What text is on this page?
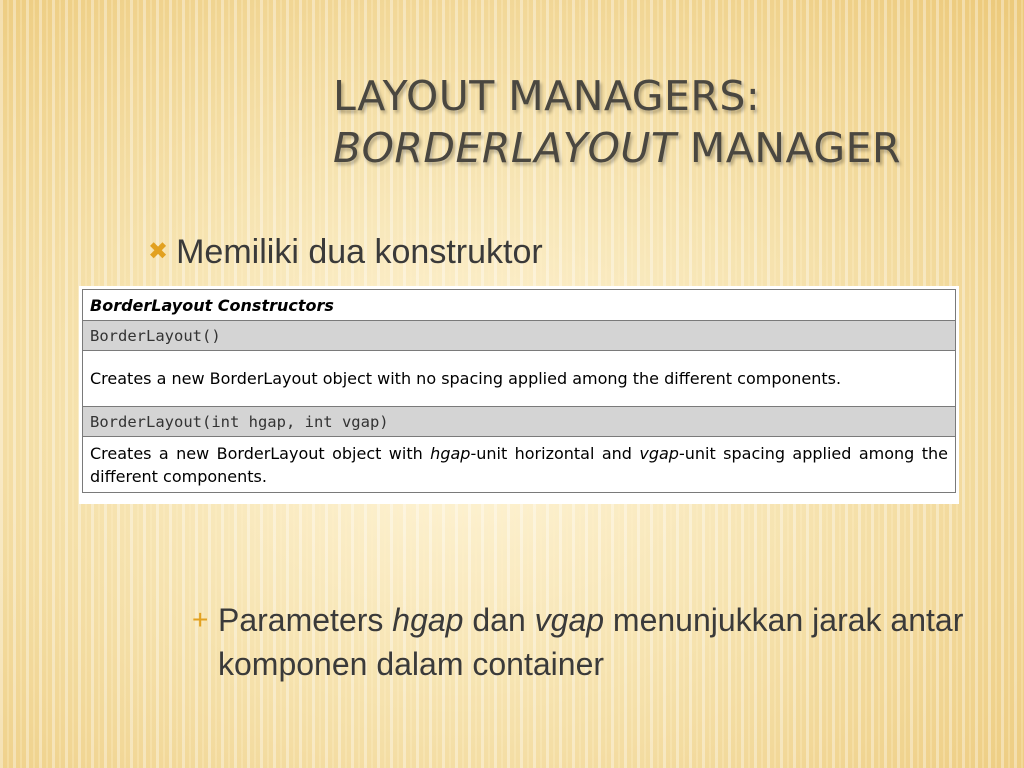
LAYOUT MANAGERS:
BORDERLAYOUT MANAGER
✖ Memiliki dua konstruktor
BorderLayout Constructors
BorderLayout()
Creates a new BorderLayout object with no spacing applied among the different components.
BorderLayout(int hgap, int vgap)
Creates a new BorderLayout object with hgap-unit horizontal and vgap-unit spacing applied among the different components.
+ Parameters hgap dan vgap menunjukkan jarak antar komponen dalam container
